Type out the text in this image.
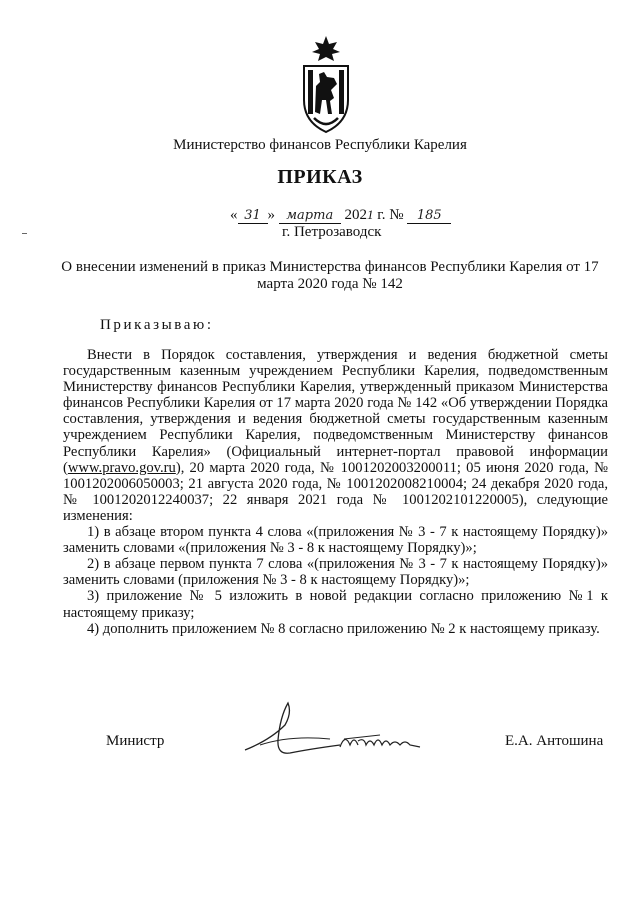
Министерство финансов Республики Карелия
ПРИКАЗ
« 31 » марта 2021 г. № 185
г. Петрозаводск
О внесении изменений в приказ Министерства финансов Республики Карелия от 17 марта 2020 года № 142
Приказываю:

Внести в Порядок составления, утверждения и ведения бюджетной сметы государственным казенным учреждением Республики Карелия, подведомственным Министерству финансов Республики Карелия, утвержденный приказом Министерства финансов Республики Карелия от 17 марта 2020 года № 142 «Об утверждении Порядка составления, утверждения и ведения бюджетной сметы государственным казенным учреждением Республики Карелия, подведомственным Министерству финансов Республики Карелия» (Официальный интернет-портал правовой информации (www.pravo.gov.ru), 20 марта 2020 года, № 1001202003200011; 05 июня 2020 года, № 1001202006050003; 21 августа 2020 года, № 1001202008210004; 24 декабря 2020 года, № 1001202012240037; 22 января 2021 года № 1001202101220005), следующие изменения:

1) в абзаце втором пункта 4 слова «(приложения № 3 - 7 к настоящему Порядку)» заменить словами «(приложения № 3 - 8 к настоящему Порядку)»;

2) в абзаце первом пункта 7 слова «(приложения № 3 - 7 к настоящему Порядку)» заменить словами (приложения № 3 - 8 к настоящему Порядку)»;

3) приложение № 5 изложить в новой редакции согласно приложению №1 к настоящему приказу;

4) дополнить приложением № 8 согласно приложению № 2 к настоящему приказу.

Министр	Е.А. Антошина
